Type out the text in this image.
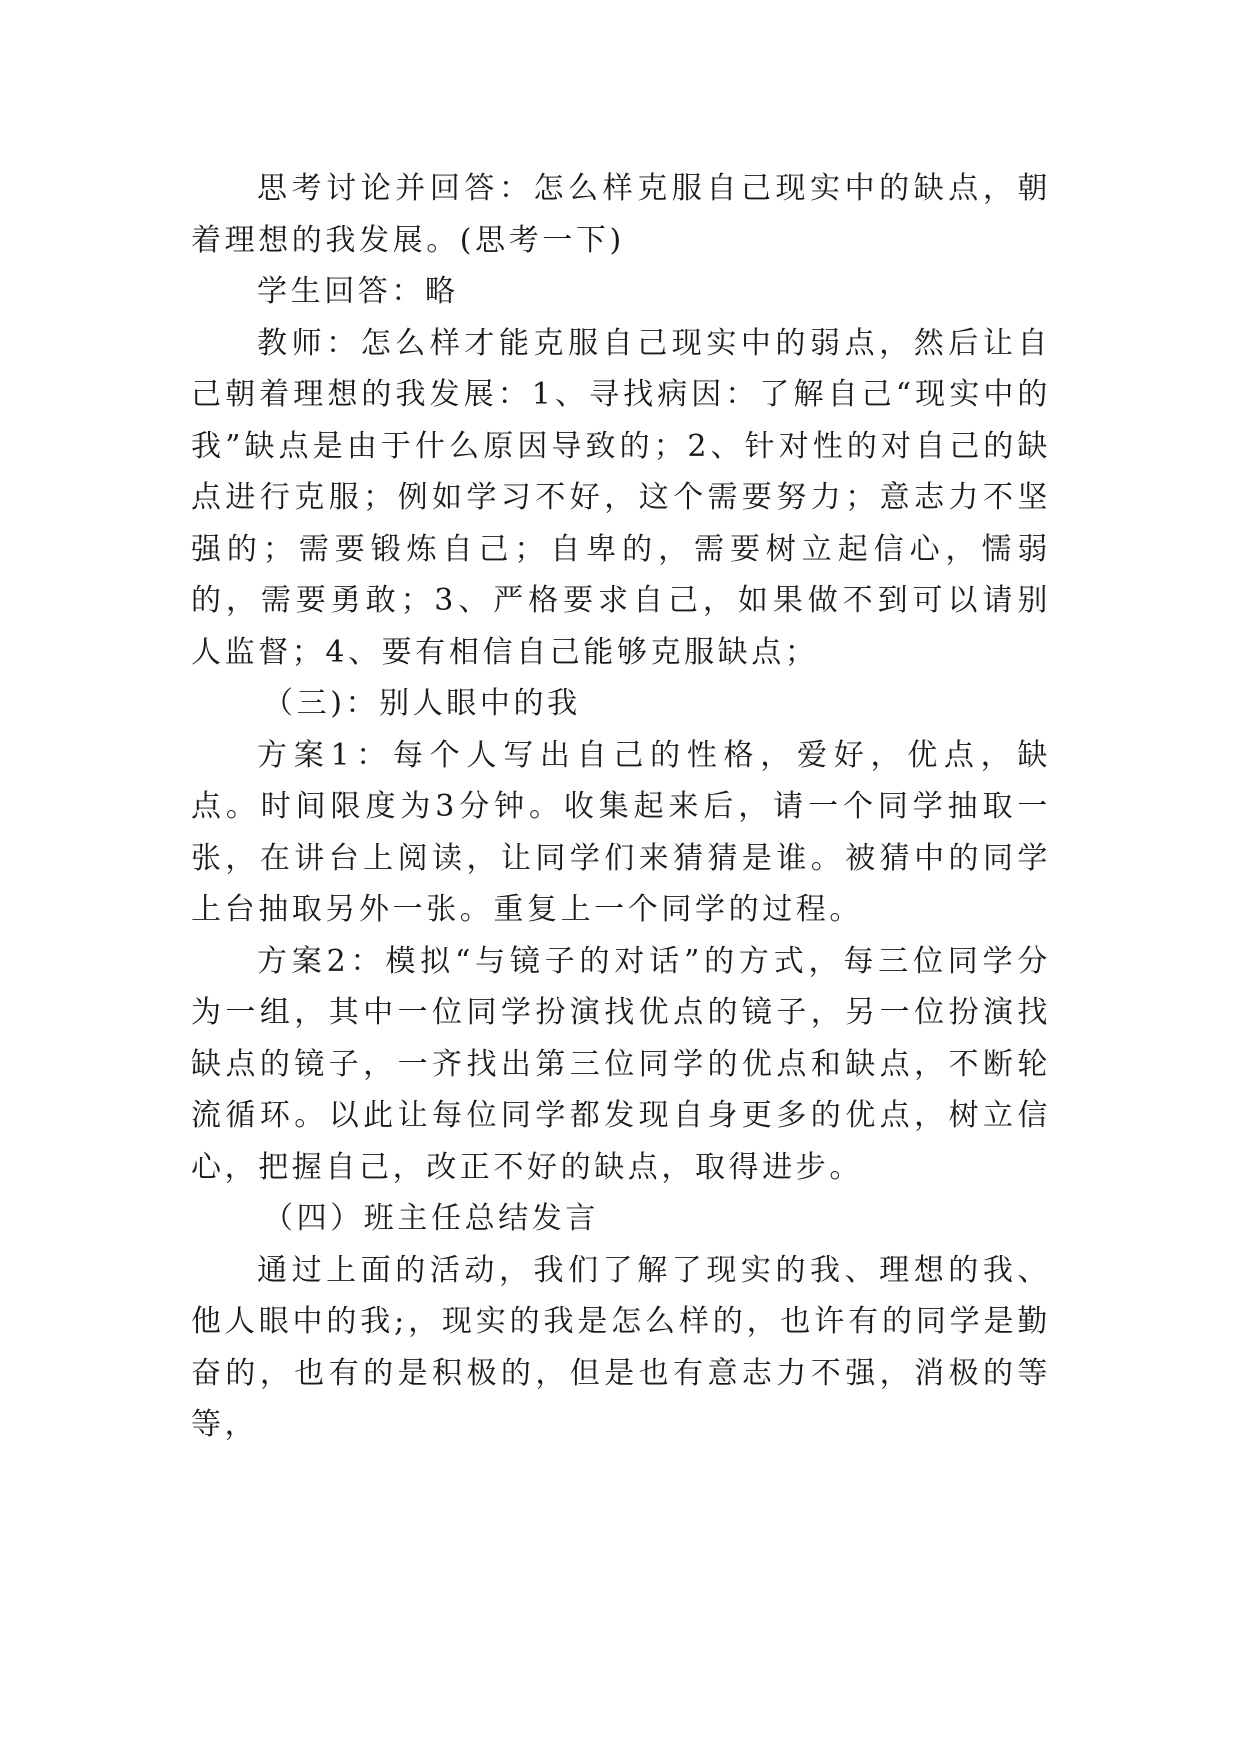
思考讨论并回答：怎么样克服自己现实中的缺点，朝着理想的我发展。(思考一下)

学生回答：略

教师：怎么样才能克服自己现实中的弱点，然后让自己朝着理想的我发展：1、寻找病因：了解自己“现实中的我”缺点是由于什么原因导致的；2、针对性的对自己的缺点进行克服；例如学习不好，这个需要努力；意志力不坚强的；需要锻炼自己；自卑的，需要树立起信心，懦弱的，需要勇敢；3、严格要求自己，如果做不到可以请别人监督；4、要有相信自己能够克服缺点；

（三)：别人眼中的我

方案1：每个人写出自己的性格，爱好，优点，缺点。时间限度为3分钟。收集起来后，请一个同学抽取一张，在讲台上阅读，让同学们来猜猜是谁。被猜中的同学上台抽取另外一张。重复上一个同学的过程。

方案2：模拟“与镜子的对话”的方式，每三位同学分为一组，其中一位同学扮演找优点的镜子，另一位扮演找缺点的镜子，一齐找出第三位同学的优点和缺点，不断轮流循环。以此让每位同学都发现自身更多的优点，树立信心，把握自己，改正不好的缺点，取得进步。

（四）班主任总结发言

通过上面的活动，我们了解了现实的我、理想的我、他人眼中的我;，现实的我是怎么样的，也许有的同学是勤奋的，也有的是积极的，但是也有意志力不强，消极的等等，
